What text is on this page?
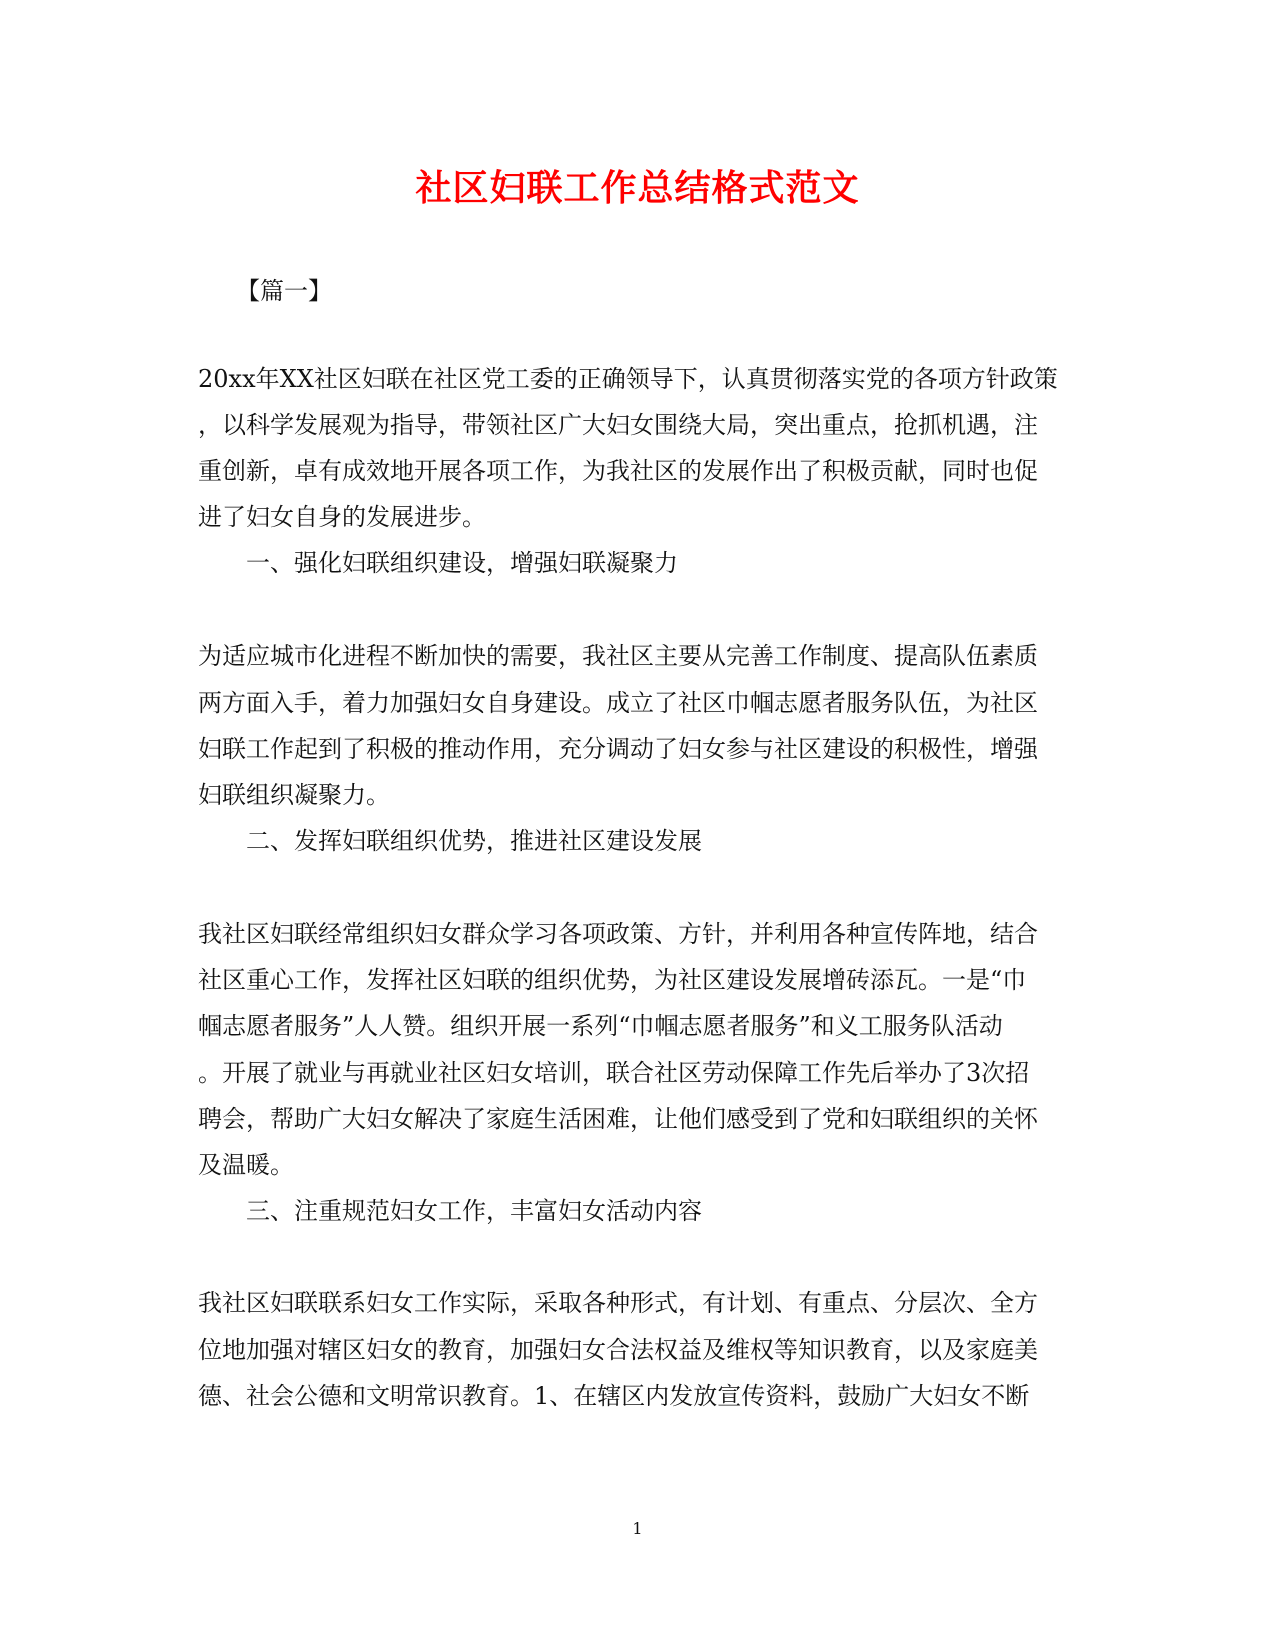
社区妇联工作总结格式范文
【篇一】
20xx年XX社区妇联在社区党工委的正确领导下，认真贯彻落实党的各项方针政策
，以科学发展观为指导，带领社区广大妇女围绕大局，突出重点，抢抓机遇，注
重创新，卓有成效地开展各项工作，为我社区的发展作出了积极贡献，同时也促
进了妇女自身的发展进步。
一、强化妇联组织建设，增强妇联凝聚力
为适应城市化进程不断加快的需要，我社区主要从完善工作制度、提高队伍素质
两方面入手，着力加强妇女自身建设。成立了社区巾帼志愿者服务队伍，为社区
妇联工作起到了积极的推动作用，充分调动了妇女参与社区建设的积极性，增强
妇联组织凝聚力。
二、发挥妇联组织优势，推进社区建设发展
我社区妇联经常组织妇女群众学习各项政策、方针，并利用各种宣传阵地，结合
社区重心工作，发挥社区妇联的组织优势，为社区建设发展增砖添瓦。一是“巾
帼志愿者服务”人人赞。组织开展一系列“巾帼志愿者服务”和义工服务队活动
。开展了就业与再就业社区妇女培训，联合社区劳动保障工作先后举办了3次招
聘会，帮助广大妇女解决了家庭生活困难，让他们感受到了党和妇联组织的关怀
及温暖。
三、注重规范妇女工作，丰富妇女活动内容
我社区妇联联系妇女工作实际，采取各种形式，有计划、有重点、分层次、全方
位地加强对辖区妇女的教育，加强妇女合法权益及维权等知识教育，以及家庭美
德、社会公德和文明常识教育。1、在辖区内发放宣传资料，鼓励广大妇女不断
1
